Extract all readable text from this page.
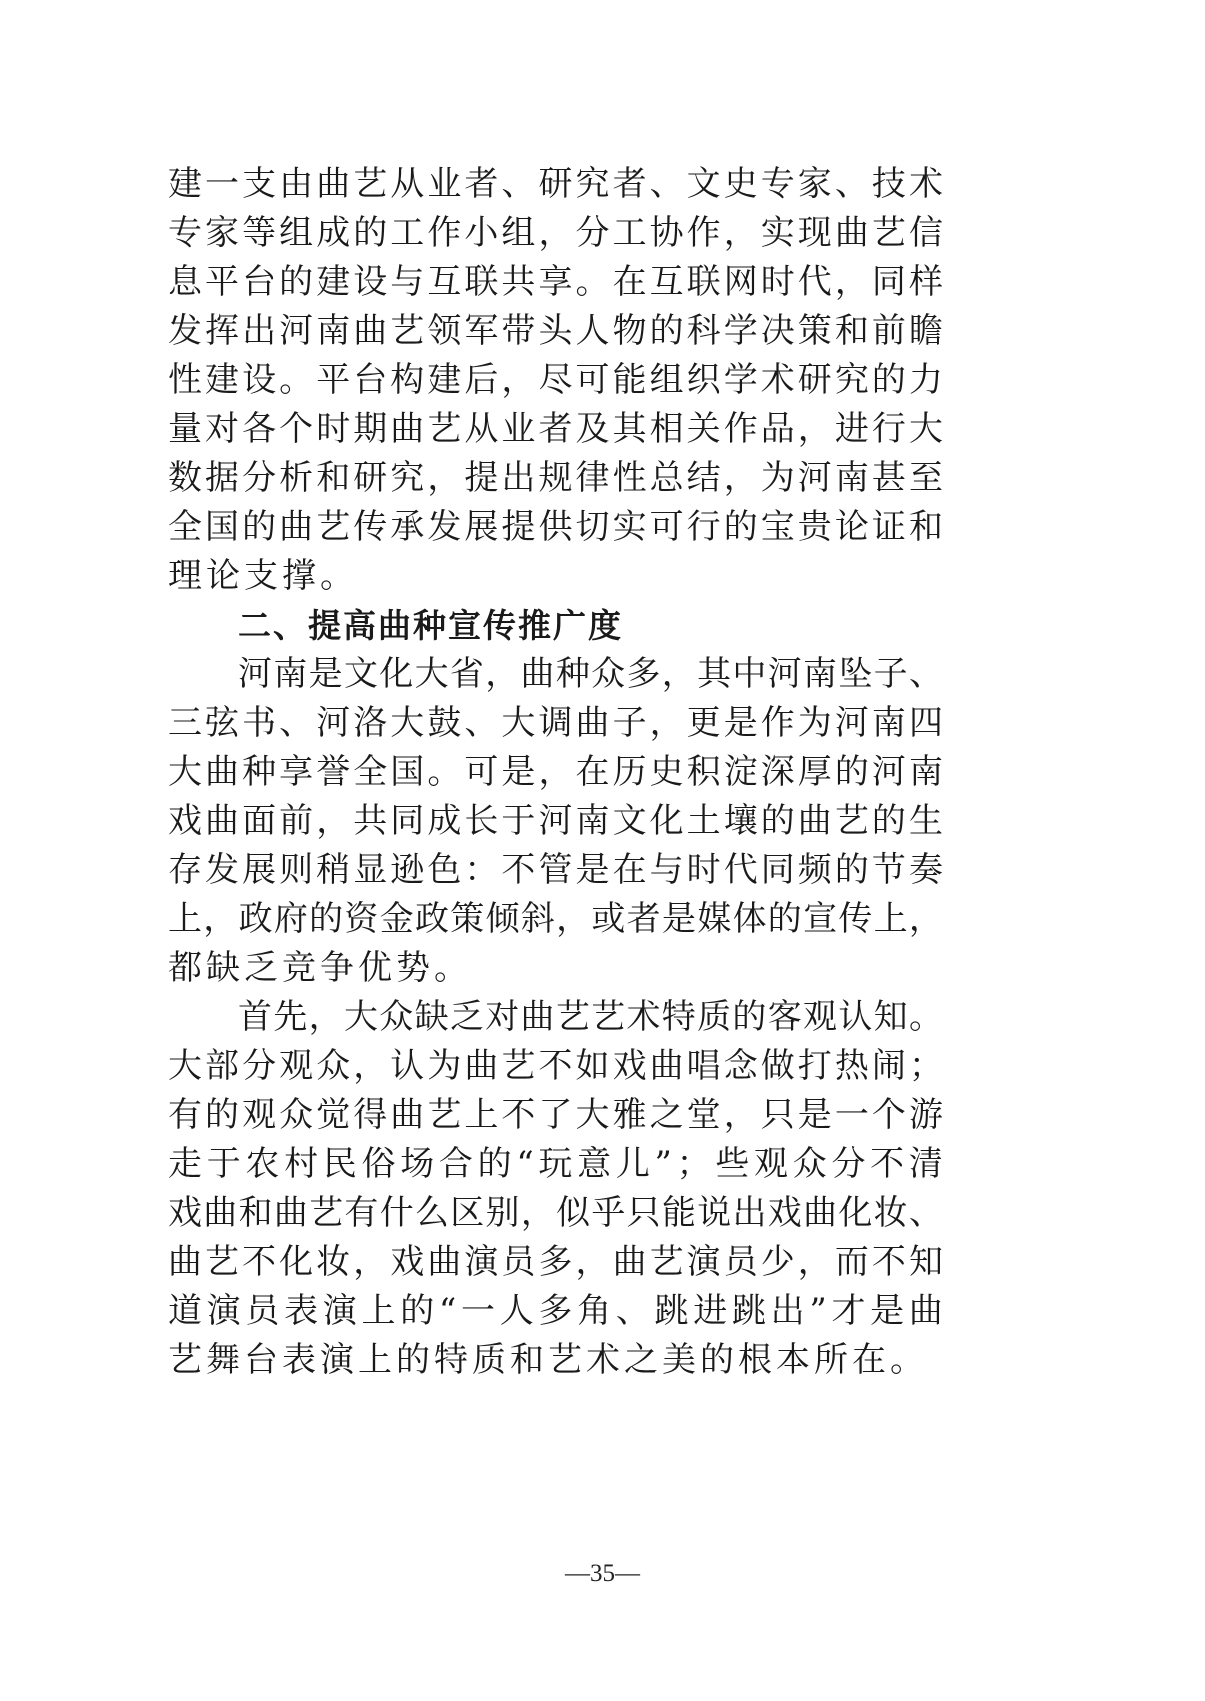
建 一 支 由 曲 艺 从 业 者 、 研 究 者 、 文 史 专 家 、 技 术
专 家 等 组 成 的 工 作 小 组 ， 分 工 协 作 ， 实 现 曲 艺 信
息 平 台 的 建 设 与 互 联 共 享 。 在 互 联 网 时 代 ， 同 样
发 挥 出 河 南 曲 艺 领 军 带 头 人 物 的 科 学 决 策 和 前 瞻
性 建 设 。 平 台 构 建 后 ， 尽 可 能 组 织 学 术 研 究 的 力
量 对 各 个 时 期 曲 艺 从 业 者 及 其 相 关 作 品 ， 进 行 大
数 据 分 析 和 研 究 ， 提 出 规 律 性 总 结 ， 为 河 南 甚 至
全 国 的 曲 艺 传 承 发 展 提 供 切 实 可 行 的 宝 贵 论 证 和
理论支撑。
二、提高曲种宣传推广度
河 南 是 文 化 大 省 ， 曲 种 众 多 ， 其 中 河 南 坠 子 、
三 弦 书 、 河 洛 大 鼓 、 大 调 曲 子 ， 更 是 作 为 河 南 四
大 曲 种 享 誉 全 国 。 可 是 ， 在 历 史 积 淀 深 厚 的 河 南
戏 曲 面 前 ， 共 同 成 长 于 河 南 文 化 土 壤 的 曲 艺 的 生
存 发 展 则 稍 显 逊 色 ： 不 管 是 在 与 时 代 同 频 的 节 奏
上 ， 政 府 的 资 金 政 策 倾 斜 ， 或 者 是 媒 体 的 宣 传 上 ，
都缺乏竞争优势。
首 先 ， 大 众 缺 乏 对 曲 艺 艺 术 特 质 的 客 观 认 知 。
大 部 分 观 众 ， 认 为 曲 艺 不 如 戏 曲 唱 念 做 打 热 闹 ；
有 的 观 众 觉 得 曲 艺 上 不 了 大 雅 之 堂 ， 只 是 一 个 游
走 于 农 村 民 俗 场 合 的 “ 玩 意 儿 ” ； 些 观 众 分 不 清
戏 曲 和 曲 艺 有 什 么 区 别 ， 似 乎 只 能 说 出 戏 曲 化 妆 、
曲 艺 不 化 妆 ， 戏 曲 演 员 多 ， 曲 艺 演 员 少 ， 而 不 知
道 演 员 表 演 上 的 “ 一 人 多 角 、 跳 进 跳 出 ” 才 是 曲
艺舞台表演上的特质和艺术之美的根本所在。
—35—
